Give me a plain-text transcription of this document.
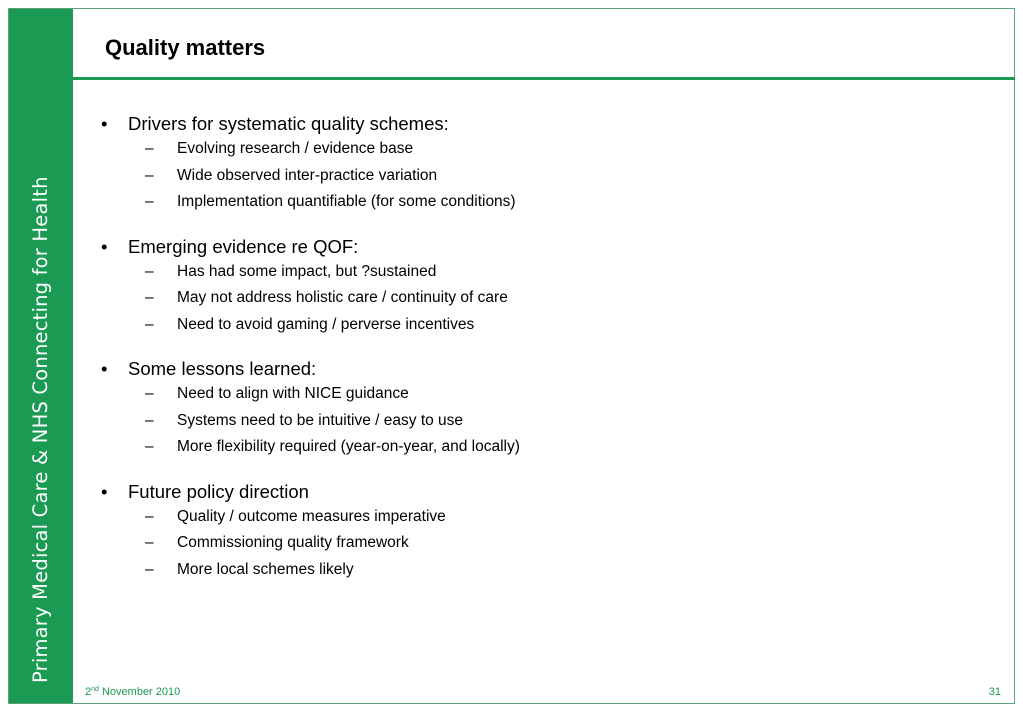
Primary Medical Care & NHS Connecting for Health
Quality matters
• Drivers for systematic quality schemes:
– Evolving research / evidence base
– Wide observed inter-practice variation
– Implementation quantifiable (for some conditions)
• Emerging evidence re QOF:
– Has had some impact, but ?sustained
– May not address holistic care / continuity of care
– Need to avoid gaming / perverse incentives
• Some lessons learned:
– Need to align with NICE guidance
– Systems need to be intuitive / easy to use
– More flexibility required (year-on-year, and locally)
• Future policy direction
– Quality / outcome measures imperative
– Commissioning quality framework
– More local schemes likely
2nd November 2010	31
